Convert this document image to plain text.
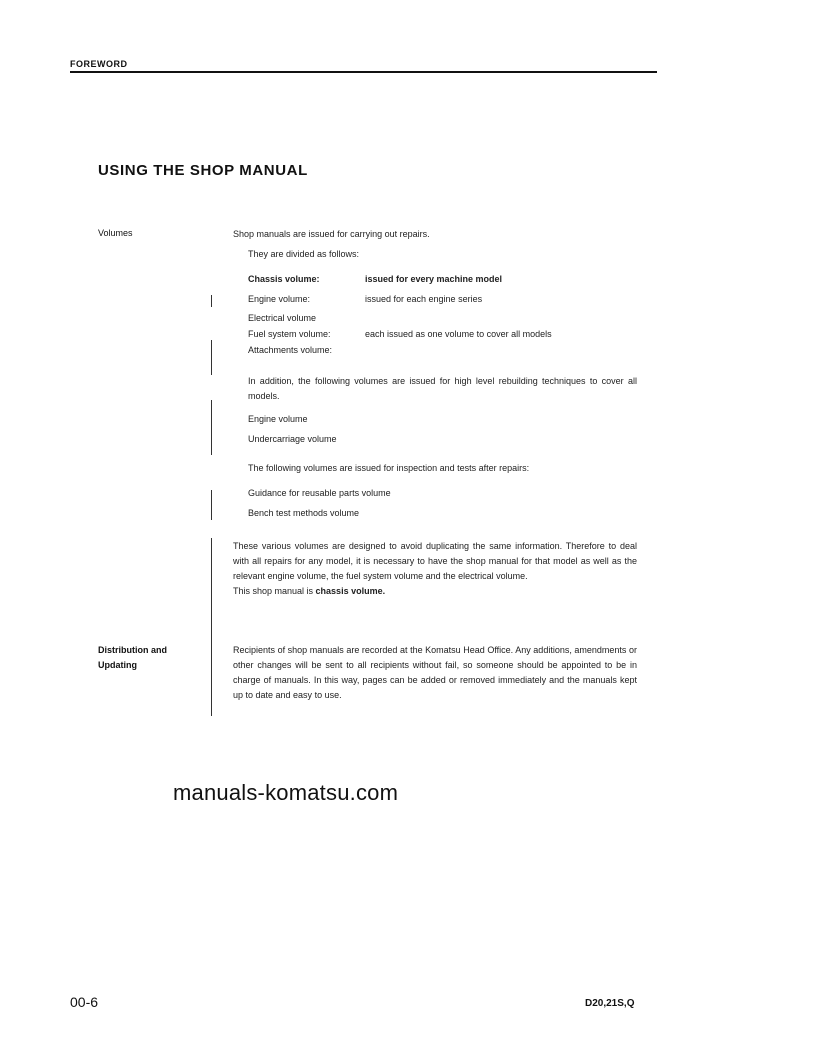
FOREWORD
USING THE SHOP MANUAL
Volumes	Shop manuals are issued for carrying out repairs.
They are divided as follows:
Chassis volume:	issued for every machine model
Engine volume:	issued for each engine series
Electrical volume
Fuel system volume:	each issued as one volume to cover all models
Attachments volume:
In addition, the following volumes are issued for high level rebuilding techniques to cover all models.
Engine volume
Undercarriage volume
The following volumes are issued for inspection and tests after repairs:
Guidance for reusable parts volume
Bench test methods volume
These various volumes are designed to avoid duplicating the same information. Therefore to deal with all repairs for any model, it is necessary to have the shop manual for that model as well as the relevant engine volume, the fuel system volume and the electrical volume.
This shop manual is chassis volume.
Distribution and
Updating
Recipients of shop manuals are recorded at the Komatsu Head Office. Any additions, amendments or other changes will be sent to all recipients without fail, so someone should be appointed to be in charge of manuals. In this way, pages can be added or removed immediately and the manuals kept up to date and easy to use.
manuals-komatsu.com
00-6	D20,21S,Q
